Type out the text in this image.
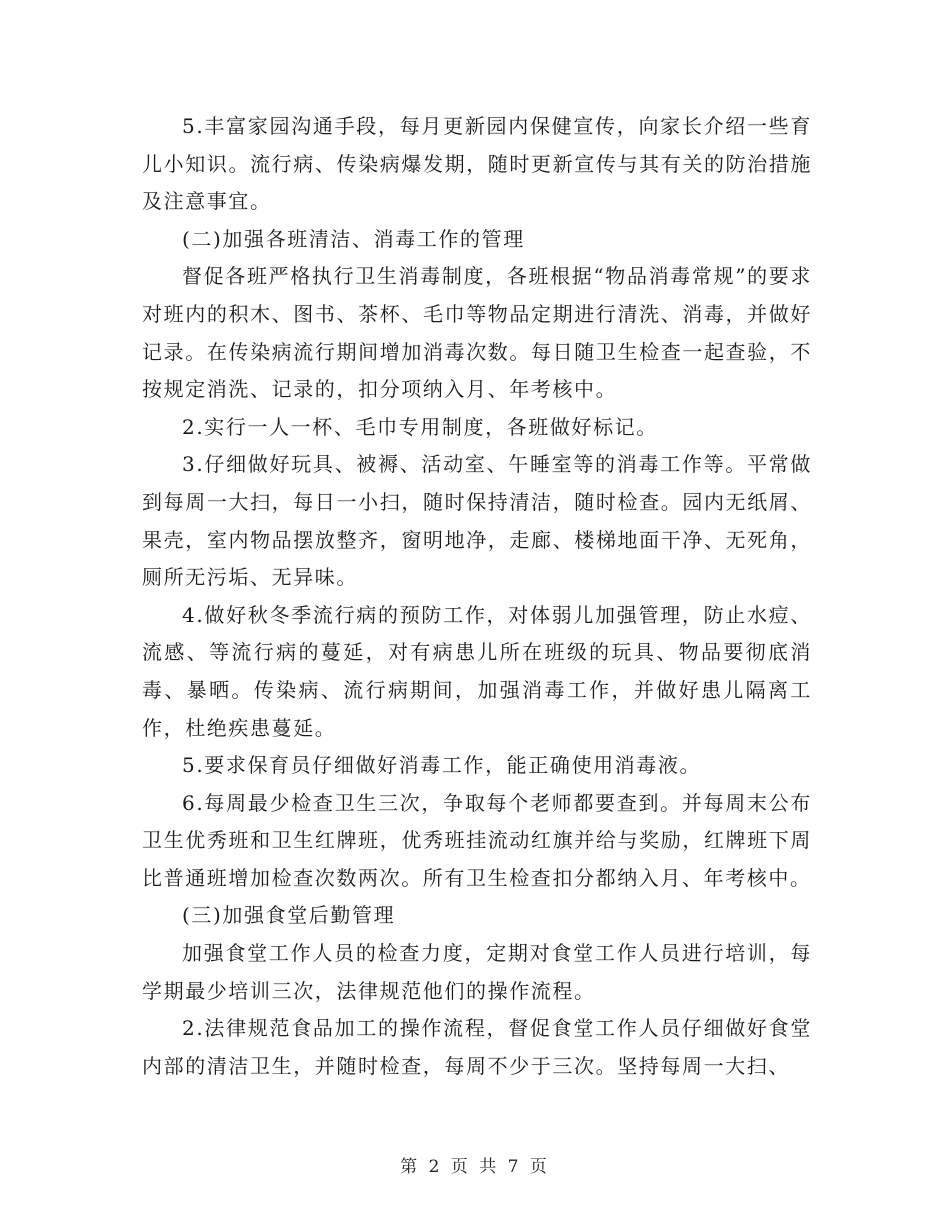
5.丰富家园沟通手段，每月更新园内保健宣传，向家长介绍一些育儿小知识。流行病、传染病爆发期，随时更新宣传与其有关的防治措施及注意事宜。

(二)加强各班清洁、消毒工作的管理

督促各班严格执行卫生消毒制度，各班根据“物品消毒常规”的要求对班内的积木、图书、茶杯、毛巾等物品定期进行清洗、消毒，并做好记录。在传染病流行期间增加消毒次数。每日随卫生检查一起查验，不按规定消洗、记录的，扣分项纳入月、年考核中。

2.实行一人一杯、毛巾专用制度，各班做好标记。

3.仔细做好玩具、被褥、活动室、午睡室等的消毒工作等。平常做到每周一大扫，每日一小扫，随时保持清洁，随时检查。园内无纸屑、果壳，室内物品摆放整齐，窗明地净，走廊、楼梯地面干净、无死角，厕所无污垢、无异味。

4.做好秋冬季流行病的预防工作，对体弱儿加强管理，防止水痘、流感、等流行病的蔓延，对有病患儿所在班级的玩具、物品要彻底消毒、暴晒。传染病、流行病期间，加强消毒工作，并做好患儿隔离工作，杜绝疾患蔓延。

5.要求保育员仔细做好消毒工作，能正确使用消毒液。

6.每周最少检查卫生三次，争取每个老师都要查到。并每周末公布卫生优秀班和卫生红牌班，优秀班挂流动红旗并给与奖励，红牌班下周比普通班增加检查次数两次。所有卫生检查扣分都纳入月、年考核中。

(三)加强食堂后勤管理

加强食堂工作人员的检查力度，定期对食堂工作人员进行培训，每学期最少培训三次，法律规范他们的操作流程。

2.法律规范食品加工的操作流程，督促食堂工作人员仔细做好食堂内部的清洁卫生，并随时检查，每周不少于三次。坚持每周一大扫、

第 2 页 共 7 页
